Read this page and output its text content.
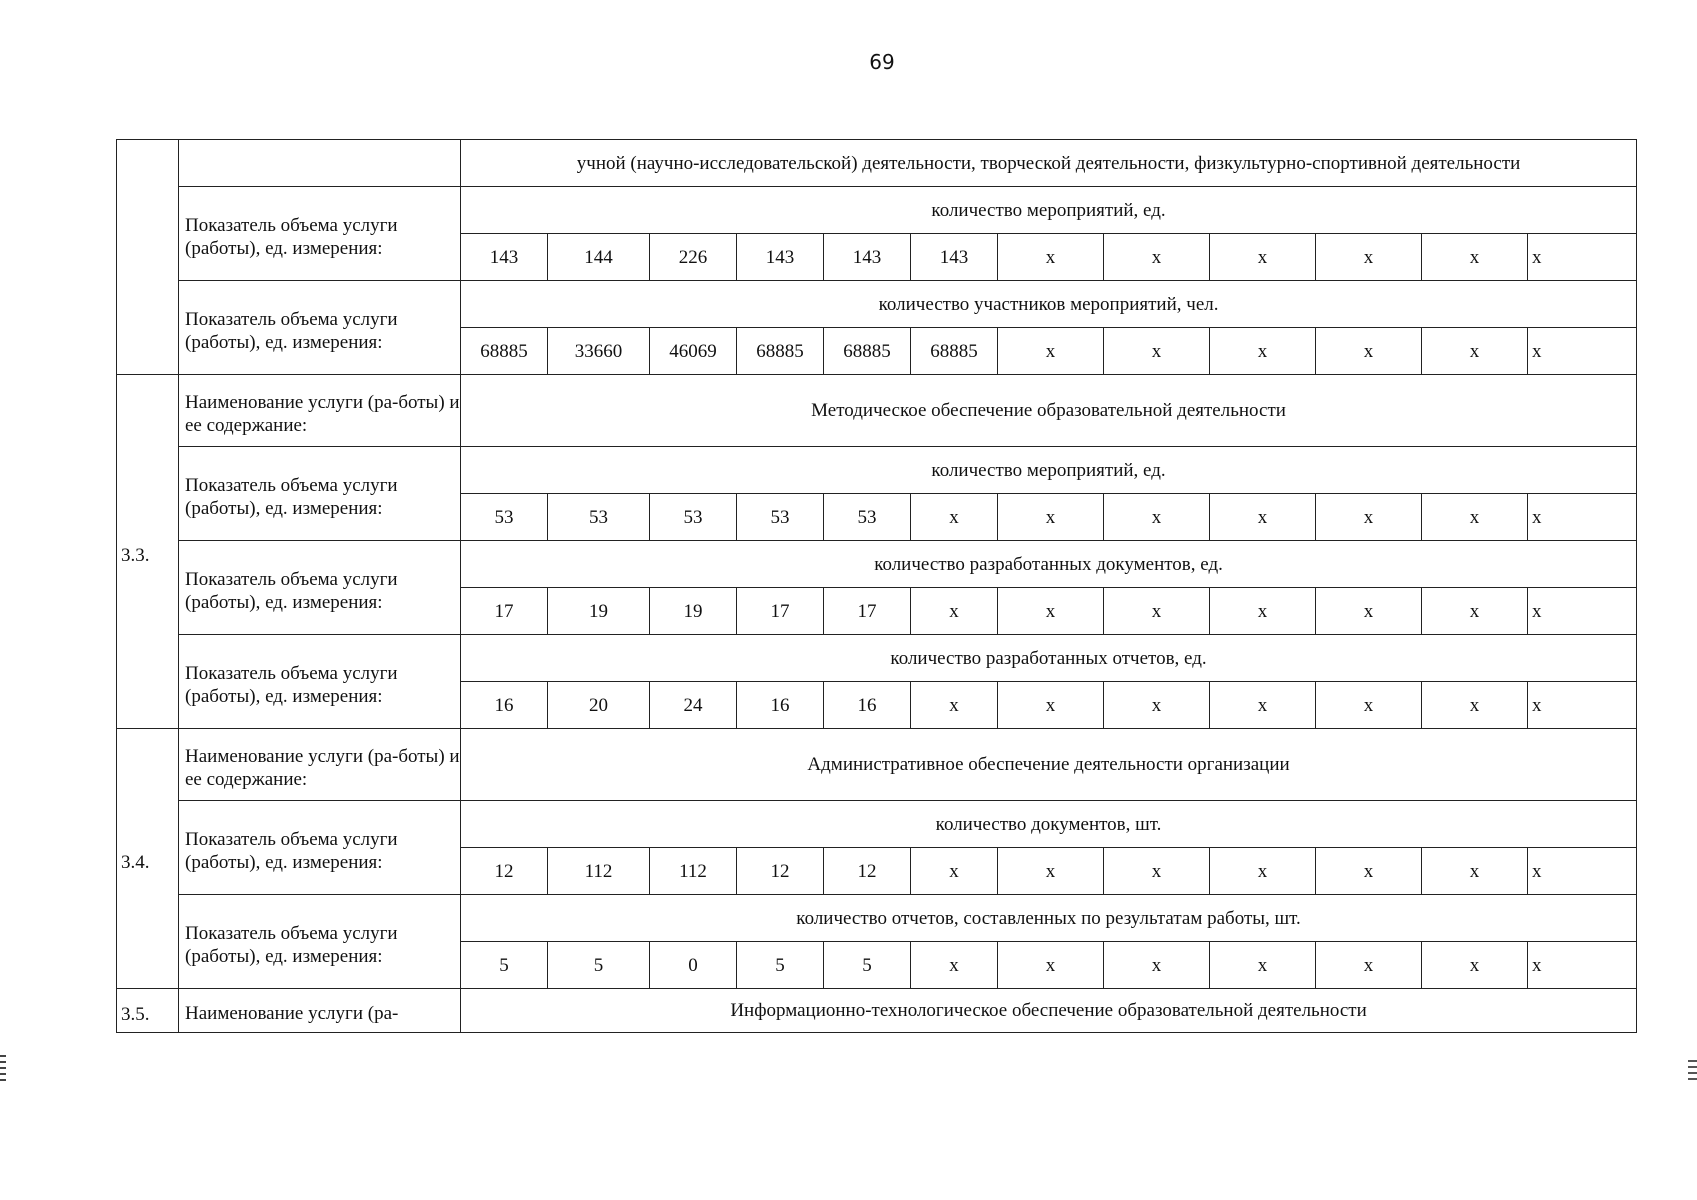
69
		учной (научно-исследовательской) деятельности, творческой деятельности, физкультурно-спортивной деятельности											
	Показатель объема услуги (работы), ед. измерения:	количество мероприятий, ед.											
		143	144	226	143	143	143	х	х	х	х	х	х
	Показатель объема услуги (работы), ед. измерения:	количество участников мероприятий, чел.											
		68885	33660	46069	68885	68885	68885	х	х	х	х	х	х
3.3.	Наименование услуги (ра-боты) и ее содержание:	Методическое обеспечение образовательной деятельности											
	Показатель объема услуги (работы), ед. измерения:	количество мероприятий, ед.											
		53	53	53	53	53	х	х	х	х	х	х	х
	Показатель объема услуги (работы), ед. измерения:	количество разработанных документов, ед.											
		17	19	19	17	17	х	х	х	х	х	х	х
	Показатель объема услуги (работы), ед. измерения:	количество разработанных отчетов, ед.											
		16	20	24	16	16	х	х	х	х	х	х	х
3.4.	Наименование услуги (ра-боты) и ее содержание:	Административное обеспечение деятельности организации											
	Показатель объема услуги (работы), ед. измерения:	количество документов, шт.											
		12	112	112	12	12	х	х	х	х	х	х	х
	Показатель объема услуги (работы), ед. измерения:	количество отчетов, составленных по результатам работы, шт.											
		5	5	0	5	5	х	х	х	х	х	х	х
3.5.	Наименование услуги (ра-	Информационно-технологическое обеспечение образовательной деятельности											
